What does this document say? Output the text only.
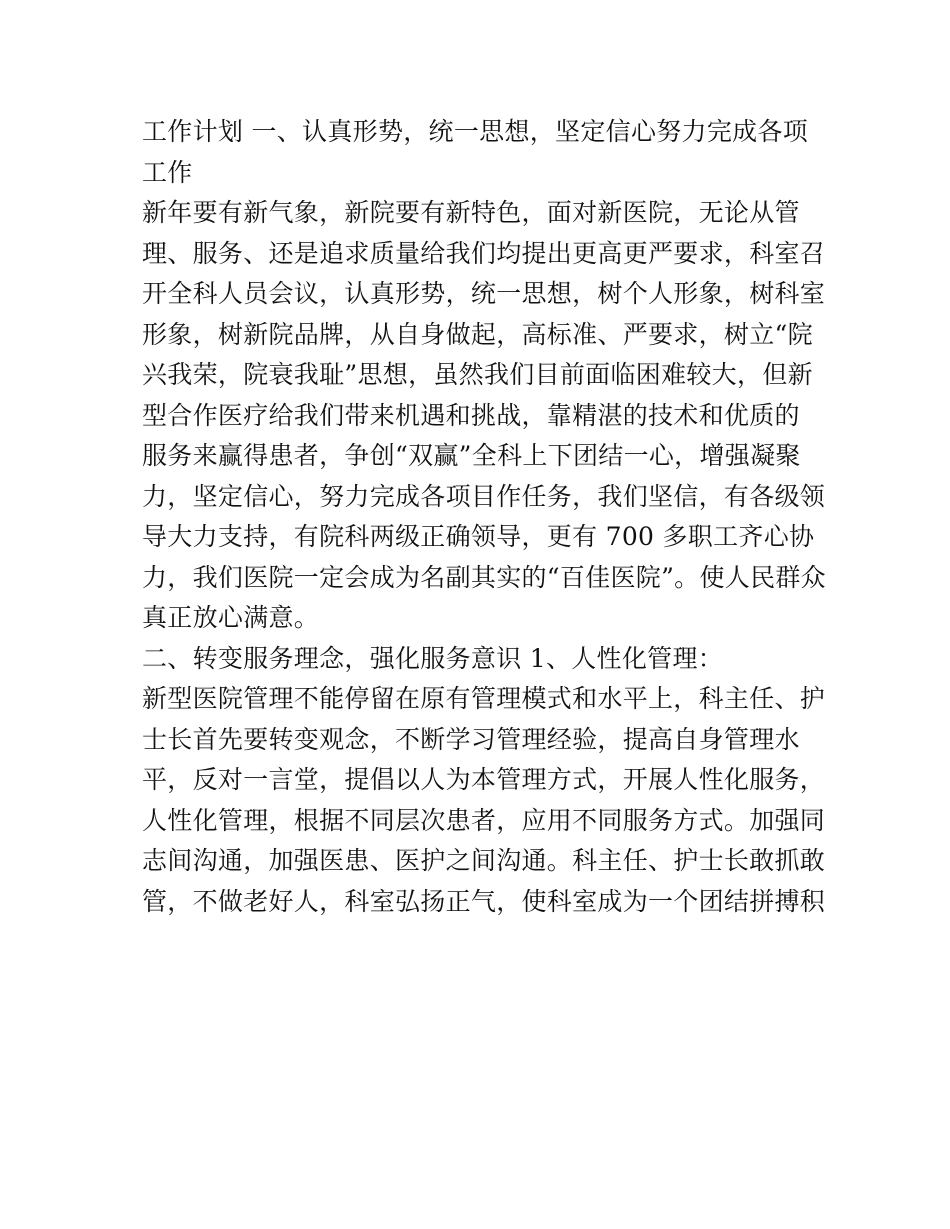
工作计划 一、认真形势，统一思想，坚定信心努力完成各项
工作
新年要有新气象，新院要有新特色，面对新医院，无论从管
理、服务、还是追求质量给我们均提出更高更严要求，科室召
开全科人员会议，认真形势，统一思想，树个人形象，树科室
形象，树新院品牌，从自身做起，高标准、严要求，树立“院
兴我荣，院衰我耻”思想，虽然我们目前面临困难较大，但新
型合作医疗给我们带来机遇和挑战，靠精湛的技术和优质的
服务来赢得患者，争创“双赢”全科上下团结一心，增强凝聚
力，坚定信心，努力完成各项目作任务，我们坚信，有各级领
导大力支持，有院科两级正确领导，更有 700 多职工齐心协
力，我们医院一定会成为名副其实的“百佳医院”。使人民群众
真正放心满意。
二、转变服务理念，强化服务意识 1、人性化管理：
新型医院管理不能停留在原有管理模式和水平上，科主任、护
士长首先要转变观念，不断学习管理经验，提高自身管理水
平，反对一言堂，提倡以人为本管理方式，开展人性化服务，
人性化管理，根据不同层次患者，应用不同服务方式。加强同
志间沟通，加强医患、医护之间沟通。科主任、护士长敢抓敢
管，不做老好人，科室弘扬正气，使科室成为一个团结拼搏积
